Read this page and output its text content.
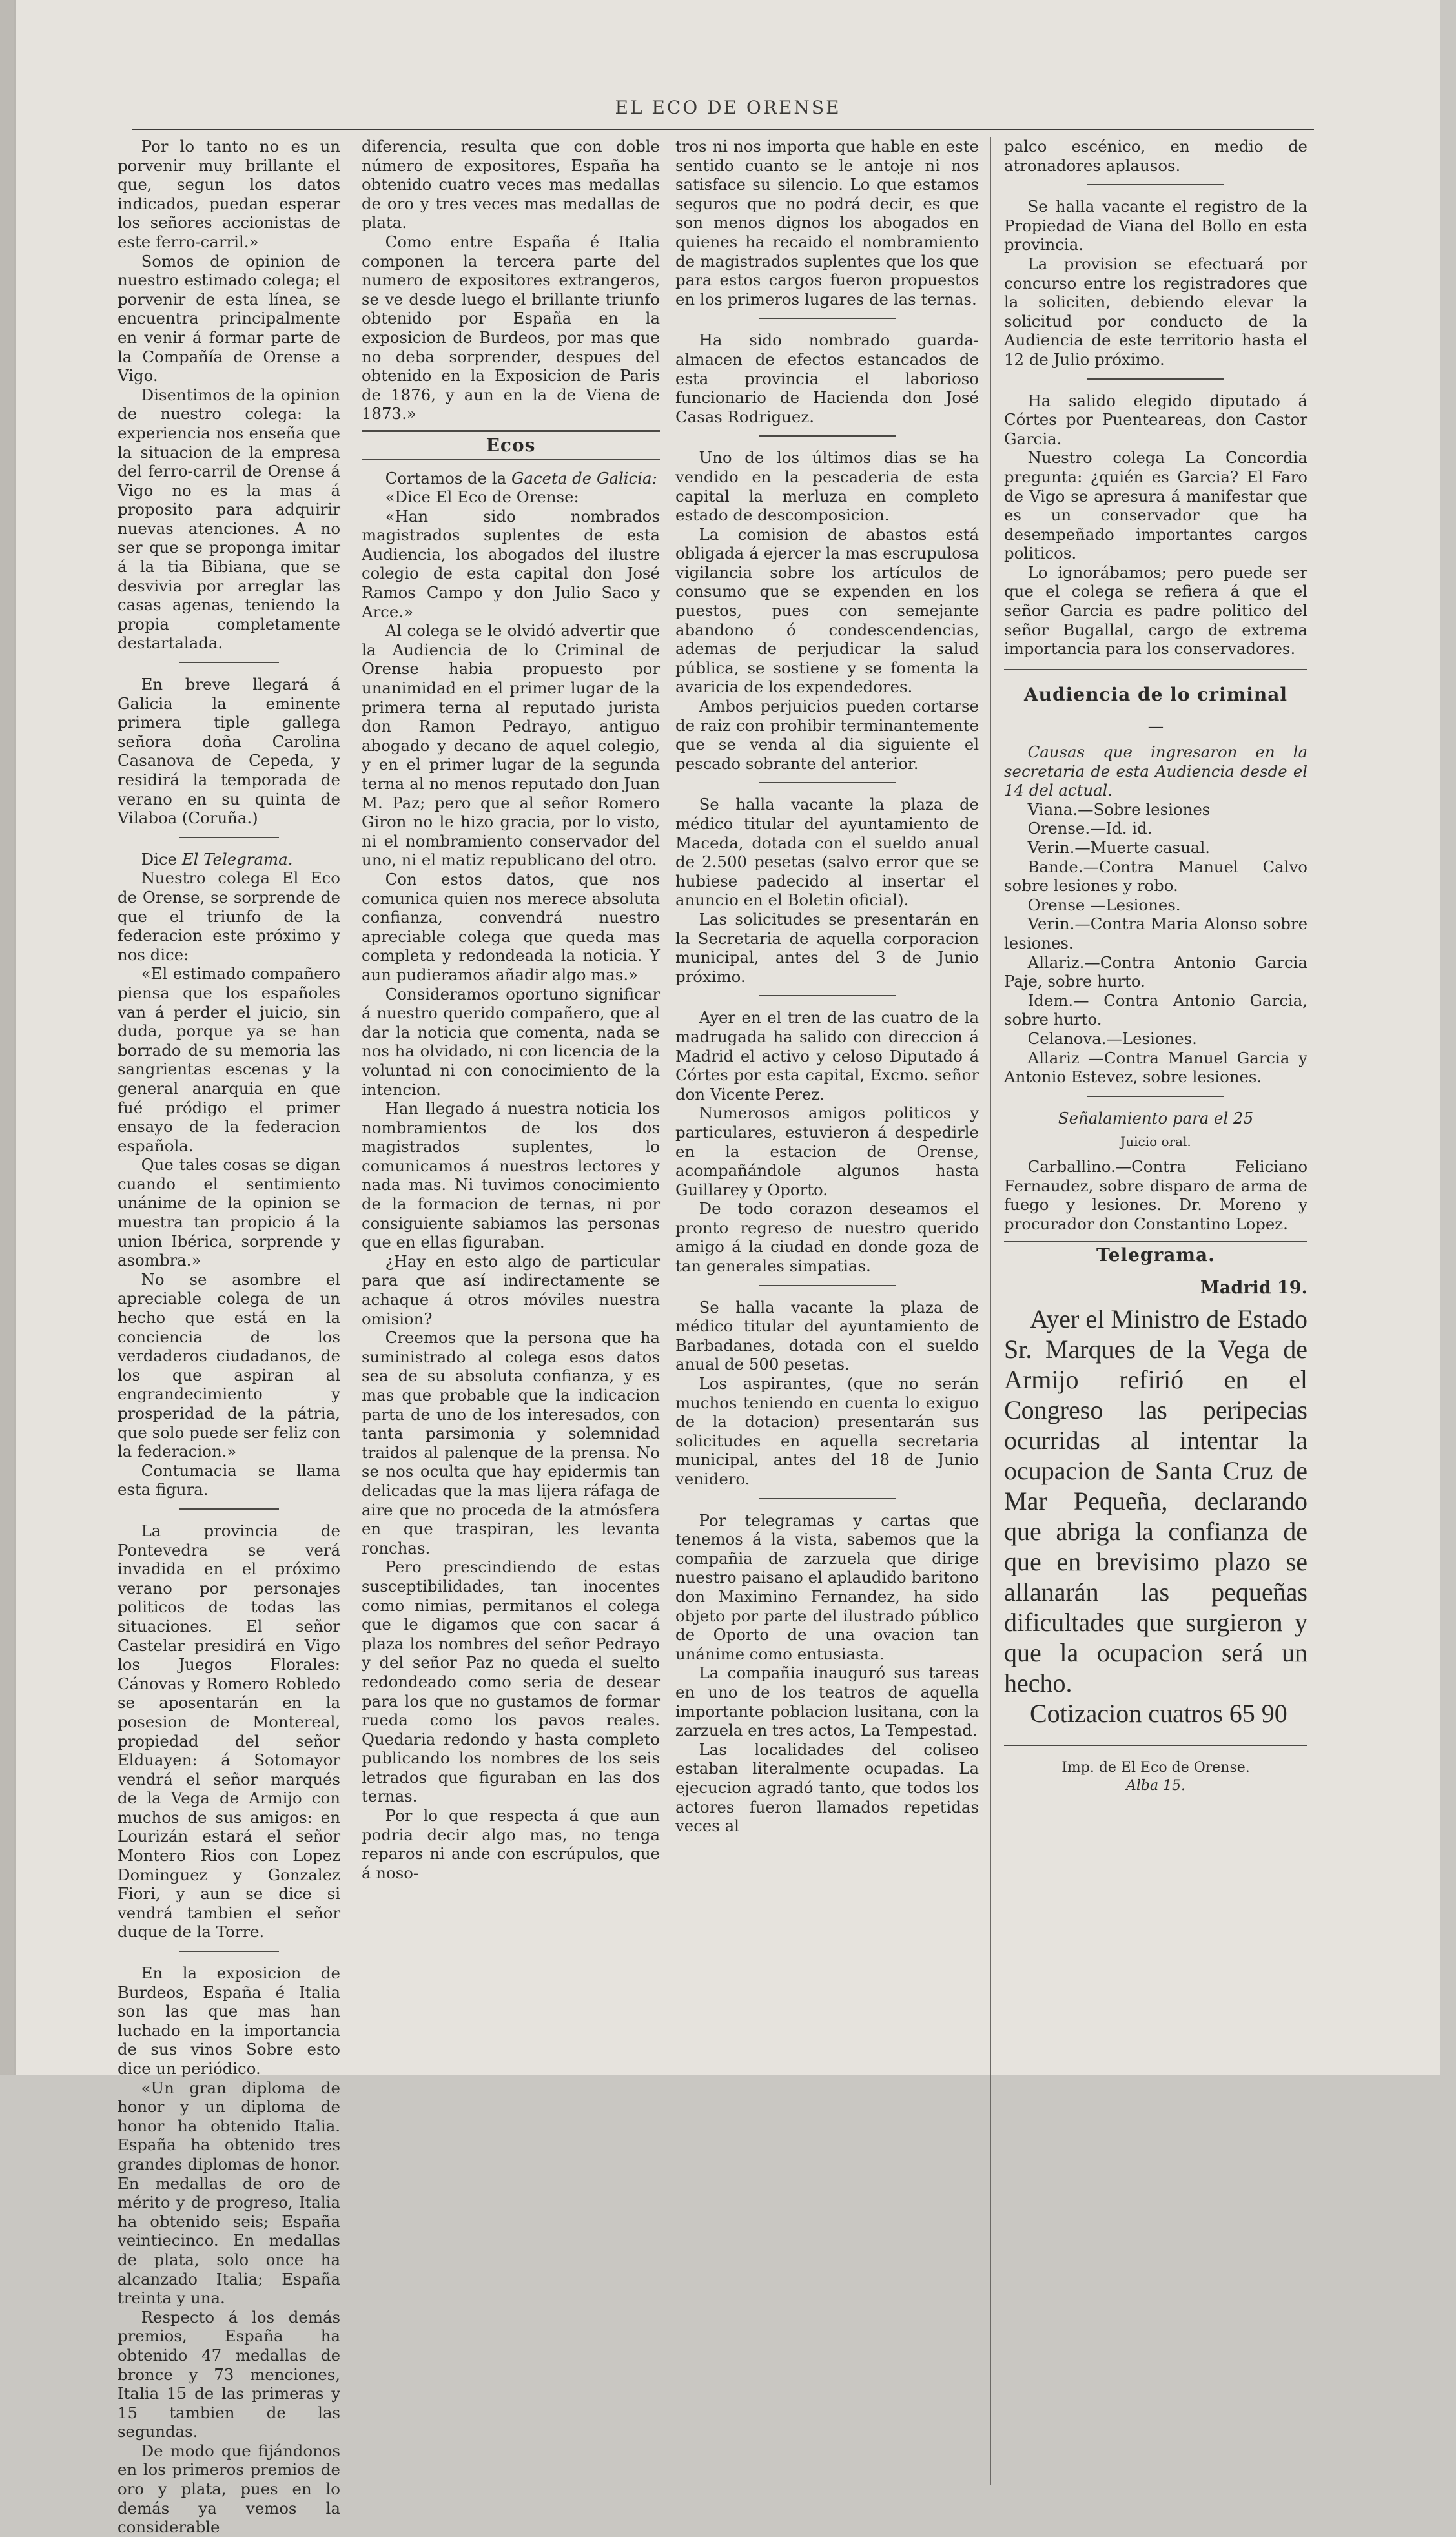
EL ECO DE ORENSE

Por lo tanto no es un porvenir muy brillante el que, segun los datos indicados, puedan esperar los señores accionistas de este ferro-carril.»

Somos de opinion de nuestro estimado colega; el porvenir de esta línea, se encuentra principalmente en venir á formar parte de la Compañía de Orense a Vigo.

Disentimos de la opinion de nuestro colega: la experiencia nos enseña que la situacion de la empresa del ferro-carril de Orense á Vigo no es la mas á proposito para adquirir nuevas atenciones. A no ser que se proponga imitar á la tia Bibiana, que se desvivia por arreglar las casas agenas, teniendo la propia completamente destartalada.

En breve llegará á Galicia la eminente primera tiple gallega señora doña Carolina Casanova de Cepeda, y residirá la temporada de verano en su quinta de Vilaboa (Coruña.)

Dice El Telegrama.

Nuestro colega El Eco de Orense, se sorprende de que el triunfo de la federacion este próximo y nos dice:

«El estimado compañero piensa que los españoles van á perder el juicio, sin duda, porque ya se han borrado de su memoria las sangrientas escenas y la general anarquia en que fué pródigo el primer ensayo de la federacion española.

Que tales cosas se digan cuando el sentimiento unánime de la opinion se muestra tan propicio á la union Ibérica, sorprende y asombra.»

No se asombre el apreciable colega de un hecho que está en la conciencia de los verdaderos ciudadanos, de los que aspiran al engrandecimiento y prosperidad de la pátria, que solo puede ser feliz con la federacion.»

Contumacia se llama esta figura.

La provincia de Pontevedra se verá invadida en el próximo verano por personajes politicos de todas las situaciones. El señor Castelar presidirá en Vigo los Juegos Florales: Cánovas y Romero Robledo se aposentarán en la posesion de Montereal, propiedad del señor Elduayen: á Sotomayor vendrá el señor marqués de la Vega de Armijo con muchos de sus amigos: en Lourizán estará el señor Montero Rios con Lopez Dominguez y Gonzalez Fiori, y aun se dice si vendrá tambien el señor duque de la Torre.

En la exposicion de Burdeos, España é Italia son las que mas han luchado en la importancia de sus vinos Sobre esto dice un periódico.

«Un gran diploma de honor y un diploma de honor ha obtenido Italia. España ha obtenido tres grandes diplomas de honor. En medallas de oro de mérito y de progreso, Italia ha obtenido seis; España veintiecinco. En medallas de plata, solo once ha alcanzado Italia; España treinta y una.

Respecto á los demás premios, España ha obtenido 47 medallas de bronce y 73 menciones, Italia 15 de las primeras y 15 tambien de las segundas.

De modo que fijándonos en los primeros premios de oro y plata, pues en lo demás ya vemos la considerable

diferencia, resulta que con doble número de expositores, España ha obtenido cuatro veces mas medallas de oro y tres veces mas medallas de plata.

Como entre España é Italia componen la tercera parte del numero de expositores extrangeros, se ve desde luego el brillante triunfo obtenido por España en la exposicion de Burdeos, por mas que no deba sorprender, despues del obtenido en la Exposicion de Paris de 1876, y aun en la de Viena de 1873.»

Ecos

Cortamos de la Gaceta de Galicia:

«Dice El Eco de Orense:

«Han sido nombrados magistrados suplentes de esta Audiencia, los abogados del ilustre colegio de esta capital don José Ramos Campo y don Julio Saco y Arce.»

Al colega se le olvidó advertir que la Audiencia de lo Criminal de Orense habia propuesto por unanimidad en el primer lugar de la primera terna al reputado jurista don Ramon Pedrayo, antiguo abogado y decano de aquel colegio, y en el primer lugar de la segunda terna al no menos reputado don Juan M. Paz; pero que al señor Romero Giron no le hizo gracia, por lo visto, ni el nombramiento conservador del uno, ni el matiz republicano del otro.

Con estos datos, que nos comunica quien nos merece absoluta confianza, convendrá nuestro apreciable colega que queda mas completa y redondeada la noticia. Y aun pudieramos añadir algo mas.»

Consideramos oportuno significar á nuestro querido compañero, que al dar la noticia que comenta, nada se nos ha olvidado, ni con licencia de la voluntad ni con conocimiento de la intencion.

Han llegado á nuestra noticia los nombramientos de los dos magistrados suplentes, lo comunicamos á nuestros lectores y nada mas. Ni tuvimos conocimiento de la formacion de ternas, ni por consiguiente sabiamos las personas que en ellas figuraban.

¿Hay en esto algo de particular para que así indirectamente se achaque á otros móviles nuestra omision?

Creemos que la persona que ha suministrado al colega esos datos sea de su absoluta confianza, y es mas que probable que la indicacion parta de uno de los interesados, con tanta parsimonia y solemnidad traidos al palenque de la prensa. No se nos oculta que hay epidermis tan delicadas que la mas lijera ráfaga de aire que no proceda de la atmósfera en que traspiran, les levanta ronchas.

Pero prescindiendo de estas susceptibilidades, tan inocentes como nimias, permitanos el colega que le digamos que con sacar á plaza los nombres del señor Pedrayo y del señor Paz no queda el suelto redondeado como seria de desear para los que no gustamos de formar rueda como los pavos reales. Quedaria redondo y hasta completo publicando los nombres de los seis letrados que figuraban en las dos ternas.

Por lo que respecta á que aun podria decir algo mas, no tenga reparos ni ande con escrúpulos, que á noso-

tros ni nos importa que hable en este sentido cuanto se le antoje ni nos satisface su silencio. Lo que estamos seguros que no podrá decir, es que son menos dignos los abogados en quienes ha recaido el nombramiento de magistrados suplentes que los que para estos cargos fueron propuestos en los primeros lugares de las ternas.

Ha sido nombrado guarda-almacen de efectos estancados de esta provincia el laborioso funcionario de Hacienda don José Casas Rodriguez.

Uno de los últimos dias se ha vendido en la pescaderia de esta capital la merluza en completo estado de descomposicion.

La comision de abastos está obligada á ejercer la mas escrupulosa vigilancia sobre los artículos de consumo que se expenden en los puestos, pues con semejante abandono ó condescendencias, ademas de perjudicar la salud pública, se sostiene y se fomenta la avaricia de los expendedores.

Ambos perjuicios pueden cortarse de raiz con prohibir terminantemente que se venda al dia siguiente el pescado sobrante del anterior.

Se halla vacante la plaza de médico titular del ayuntamiento de Maceda, dotada con el sueldo anual de 2.500 pesetas (salvo error que se hubiese padecido al insertar el anuncio en el Boletin oficial).

Las solicitudes se presentarán en la Secretaria de aquella corporacion municipal, antes del 3 de Junio próximo.

Ayer en el tren de las cuatro de la madrugada ha salido con direccion á Madrid el activo y celoso Diputado á Córtes por esta capital, Excmo. señor don Vicente Perez.

Numerosos amigos politicos y particulares, estuvieron á despedirle en la estacion de Orense, acompañándole algunos hasta Guillarey y Oporto.

De todo corazon deseamos el pronto regreso de nuestro querido amigo á la ciudad en donde goza de tan generales simpatias.

Se halla vacante la plaza de médico titular del ayuntamiento de Barbadanes, dotada con el sueldo anual de 500 pesetas.

Los aspirantes, (que no serán muchos teniendo en cuenta lo exiguo de la dotacion) presentarán sus solicitudes en aquella secretaria municipal, antes del 18 de Junio venidero.

Por telegramas y cartas que tenemos á la vista, sabemos que la compañia de zarzuela que dirige nuestro paisano el aplaudido baritono don Maximino Fernandez, ha sido objeto por parte del ilustrado público de Oporto de una ovacion tan unánime como entusiasta.

La compañia inauguró sus tareas en uno de los teatros de aquella importante poblacion lusitana, con la zarzuela en tres actos, La Tempestad.

Las localidades del coliseo estaban literalmente ocupadas. La ejecucion agradó tanto, que todos los actores fueron llamados repetidas veces al

palco escénico, en medio de atronadores aplausos.

Se halla vacante el registro de la Propiedad de Viana del Bollo en esta provincia.

La provision se efectuará por concurso entre los registradores que la soliciten, debiendo elevar la solicitud por conducto de la Audiencia de este territorio hasta el 12 de Julio próximo.

Ha salido elegido diputado á Córtes por Puenteareas, don Castor Garcia.

Nuestro colega La Concordia pregunta: ¿quién es Garcia? El Faro de Vigo se apresura á manifestar que es un conservador que ha desempeñado importantes cargos politicos.

Lo ignorábamos; pero puede ser que el colega se refiera á que el señor Garcia es padre politico del señor Bugallal, cargo de extrema importancia para los conservadores.

Audiencia de lo criminal
—

Causas que ingresaron en la secretaria de esta Audiencia desde el 14 del actual.

Viana.—Sobre lesiones

Orense.—Id. id.

Verin.—Muerte casual.

Bande.—Contra Manuel Calvo sobre lesiones y robo.

Orense —Lesiones.

Verin.—Contra Maria Alonso sobre lesiones.

Allariz.—Contra Antonio Garcia Paje, sobre hurto.

Idem.— Contra Antonio Garcia, sobre hurto.

Celanova.—Lesiones.

Allariz —Contra Manuel Garcia y Antonio Estevez, sobre lesiones.

Señalamiento para el 25

Juicio oral.

Carballino.—Contra Feliciano Fernaudez, sobre disparo de arma de fuego y lesiones. Dr. Moreno y procurador don Constantino Lopez.

Telegrama.
Madrid 19.

Ayer el Ministro de Estado Sr. Marques de la Vega de Armijo refirió en el Congreso las peripecias ocurridas al intentar la ocupacion de Santa Cruz de Mar Pequeña, declarando que abriga la confianza de que en brevisimo plazo se allanarán las pequeñas dificultades que surgieron y que la ocupacion será un hecho.

Cotizacion cuatros 65 90

Imp. de El Eco de Orense.
Alba 15.
